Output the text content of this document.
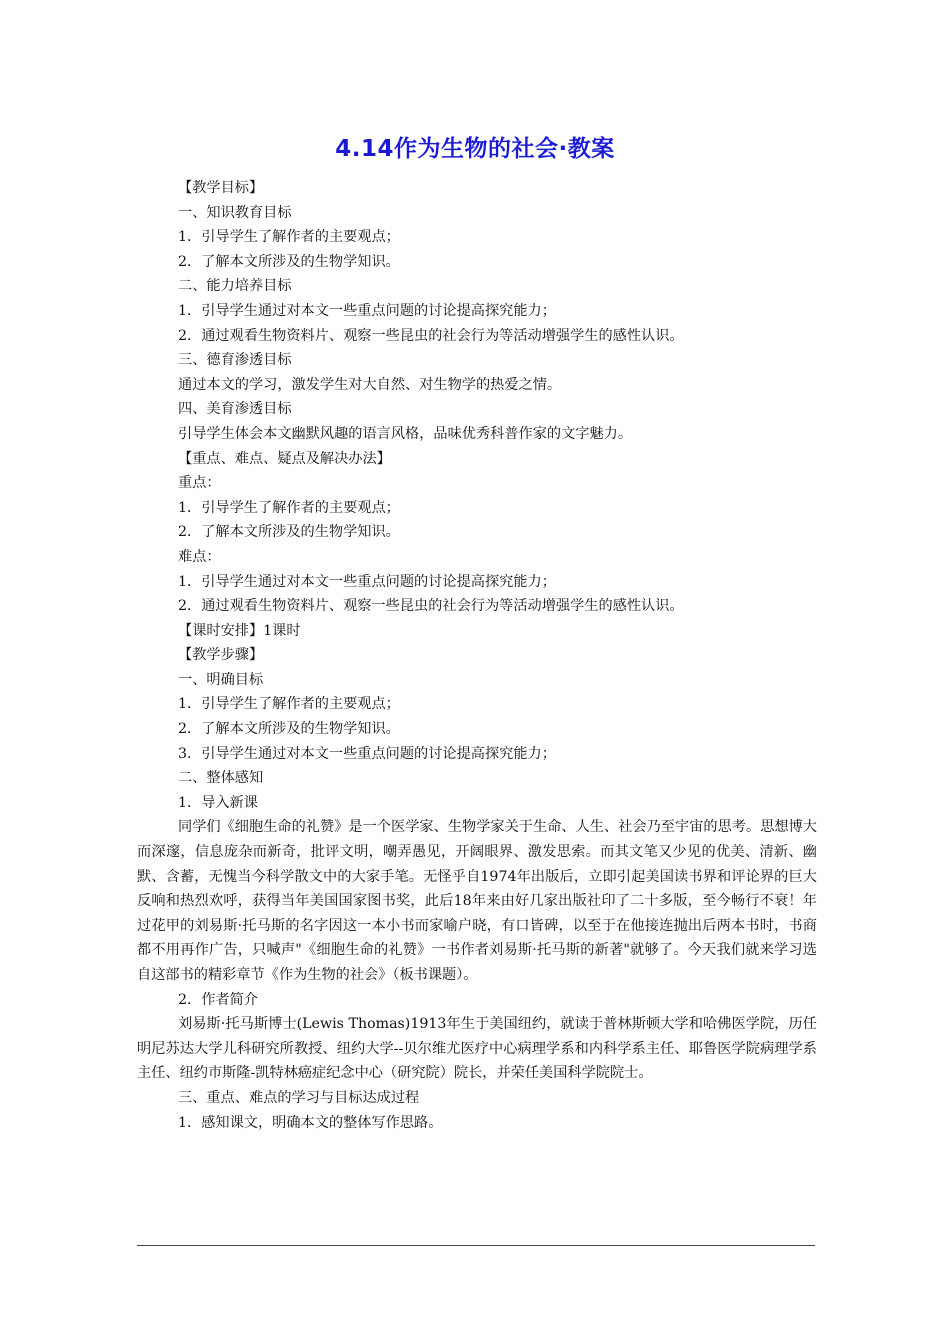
4.14作为生物的社会·教案

【教学目标】

一、知识教育目标

1．引导学生了解作者的主要观点；

2．了解本文所涉及的生物学知识。

二、能力培养目标

1．引导学生通过对本文一些重点问题的讨论提高探究能力；

2．通过观看生物资料片、观察一些昆虫的社会行为等活动增强学生的感性认识。

三、德育渗透目标

通过本文的学习，激发学生对大自然、对生物学的热爱之情。

四、美育渗透目标

引导学生体会本文幽默风趣的语言风格，品味优秀科普作家的文字魅力。

【重点、难点、疑点及解决办法】

重点：

1．引导学生了解作者的主要观点；

2．了解本文所涉及的生物学知识。

难点：

1．引导学生通过对本文一些重点问题的讨论提高探究能力；

2．通过观看生物资料片、观察一些昆虫的社会行为等活动增强学生的感性认识。

【课时安排】1课时

【教学步骤】

一、明确目标

1．引导学生了解作者的主要观点；

2．了解本文所涉及的生物学知识。

3．引导学生通过对本文一些重点问题的讨论提高探究能力；

二、整体感知

1．导入新课

同学们《细胞生命的礼赞》是一个医学家、生物学家关于生命、人生、社会乃至宇宙的思考。思想博大而深邃，信息庞杂而新奇，批评文明，嘲弄愚见，开阔眼界、激发思索。而其文笔又少见的优美、清新、幽默、含蓄，无愧当今科学散文中的大家手笔。无怪乎自1974年出版后，立即引起美国读书界和评论界的巨大反响和热烈欢呼，获得当年美国国家图书奖，此后18年来由好几家出版社印了二十多版，至今畅行不衰！年过花甲的刘易斯·托马斯的名字因这一本小书而家喻户晓，有口皆碑，以至于在他接连抛出后两本书时，书商都不用再作广告，只喊声"《细胞生命的礼赞》一书作者刘易斯·托马斯的新著"就够了。今天我们就来学习选自这部书的精彩章节《作为生物的社会》（板书课题）。

2．作者简介

刘易斯·托马斯博士(Lewis Thomas)1913年生于美国纽约，就读于普林斯顿大学和哈佛医学院，历任明尼苏达大学儿科研究所教授、纽约大学--贝尔维尤医疗中心病理学系和内科学系主任、耶鲁医学院病理学系主任、纽约市斯隆-凯特林癌症纪念中心（研究院）院长，并荣任美国科学院院士。

三、重点、难点的学习与目标达成过程

1．感知课文，明确本文的整体写作思路。
